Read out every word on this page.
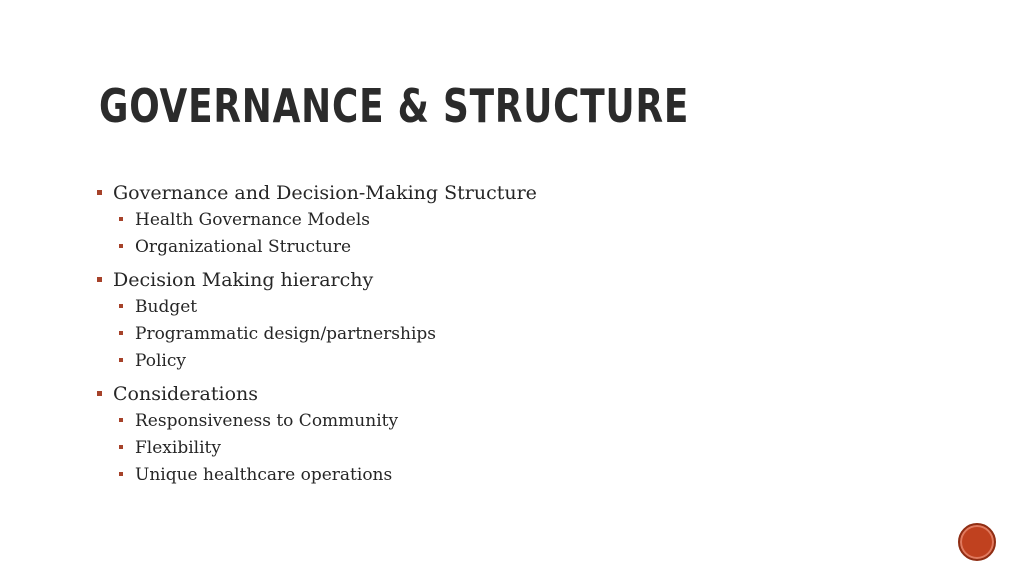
GOVERNANCE & STRUCTURE
Governance and Decision-Making Structure
Health Governance Models
Organizational Structure
Decision Making hierarchy
Budget
Programmatic design/partnerships
Policy
Considerations
Responsiveness to Community
Flexibility
Unique healthcare operations
